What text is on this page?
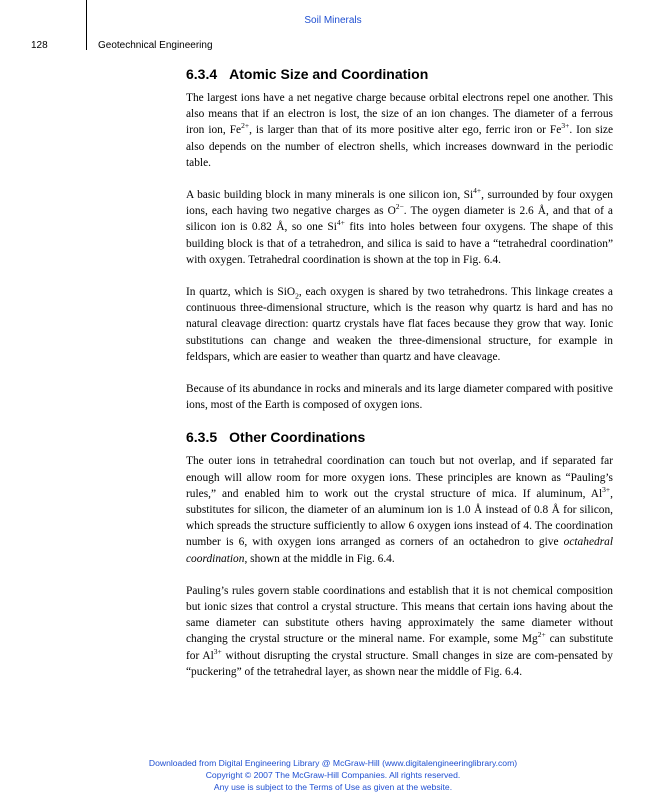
Soil Minerals
128	Geotechnical Engineering
6.3.4 Atomic Size and Coordination

The largest ions have a net negative charge because orbital electrons repel one another. This also means that if an electron is lost, the size of an ion changes. The diameter of a ferrous iron ion, $Fe^{2+}$, is larger than that of its more positive alter ego, ferric iron or $Fe^{3+}$. Ion size also depends on the number of electron shells, which increases downward in the periodic table.

A basic building block in many minerals is one silicon ion, $Si^{4+}$, surrounded by four oxygen ions, each having two negative charges as $O^{2-}$. The oygen diameter is 2.6 Å, and that of a silicon ion is 0.82 Å, so one $Si^{4+}$ fits into holes between four oxygens. The shape of this building block is that of a tetrahedron, and silica is said to have a “tetrahedral coordination” with oxygen. Tetrahedral coordination is shown at the top in Fig. 6.4.

In quartz, which is SiO$_2$, each oxygen is shared by two tetrahedrons. This linkage creates a continuous three-dimensional structure, which is the reason why quartz is hard and has no natural cleavage direction: quartz crystals have flat faces because they grow that way. Ionic substitutions can change and weaken the three-dimensional structure, for example in feldspars, which are easier to weather than quartz and have cleavage.

Because of its abundance in rocks and minerals and its large diameter compared with positive ions, most of the Earth is composed of oxygen ions.

6.3.5 Other Coordinations

The outer ions in tetrahedral coordination can touch but not overlap, and if separated far enough will allow room for more oxygen ions. These principles are known as “Pauling’s rules,” and enabled him to work out the crystal structure of mica. If aluminum, $Al^{3+}$, substitutes for silicon, the diameter of an aluminum ion is 1.0 Å instead of 0.8 Å for silicon, which spreads the structure sufficiently to allow 6 oxygen ions instead of 4. The coordination number is 6, with oxygen ions arranged as corners of an octahedron to give octahedral coordination, shown at the middle in Fig. 6.4.

Pauling’s rules govern stable coordinations and establish that it is not chemical composition but ionic sizes that control a crystal structure. This means that certain ions having about the same diameter can substitute others having approximately the same diameter without changing the crystal structure or the mineral name. For example, some $Mg^{2+}$ can substitute for $Al^{3+}$ without disrupting the crystal structure. Small changes in size are com-pensated by “puckering” of the tetrahedral layer, as shown near the middle of Fig. 6.4.

Downloaded from Digital Engineering Library @ McGraw-Hill (www.digitalengineeringlibrary.com)
Copyright © 2007 The McGraw-Hill Companies. All rights reserved.
Any use is subject to the Terms of Use as given at the website.
